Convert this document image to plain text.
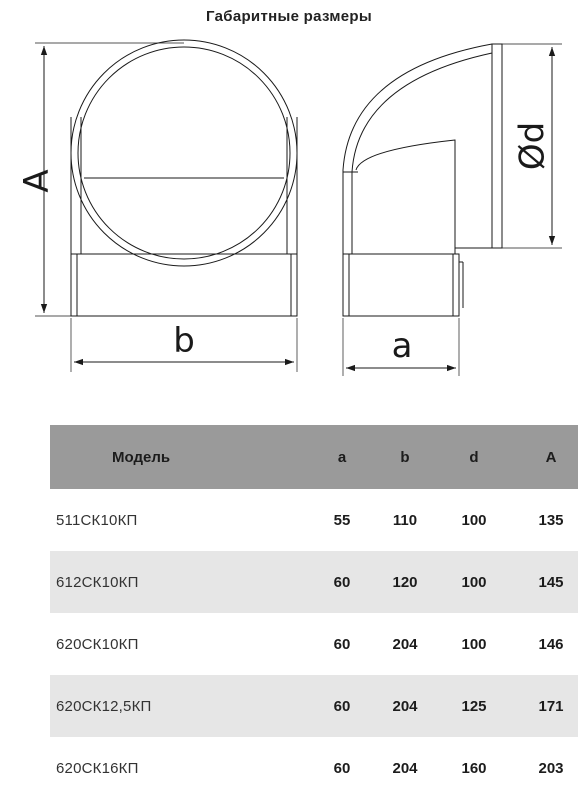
Габаритные размеры
A
b	a
Ød
Модель	a	b	d	A
511СК10КП	55	110	100	135
612СК10КП	60	120	100	145
620СК10КП	60	204	100	146
620СК12,5КП	60	204	125	171
620СК16КП	60	204	160	203
